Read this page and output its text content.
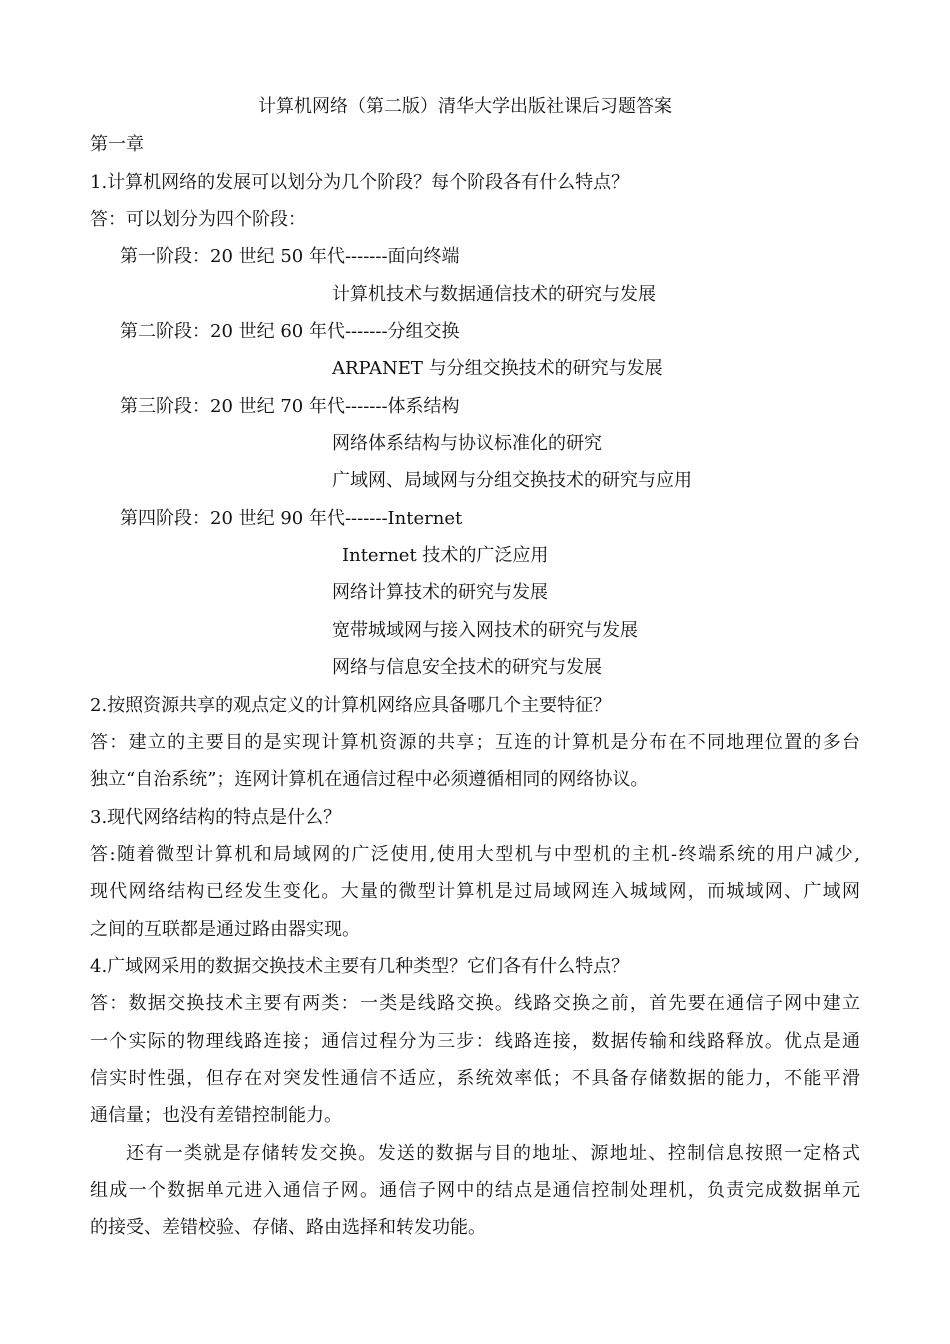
计算机网络（第二版）清华大学出版社课后习题答案
第一章
1.计算机网络的发展可以划分为几个阶段？每个阶段各有什么特点？
答：可以划分为四个阶段：
第一阶段：20 世纪 50 年代-------面向终端
计算机技术与数据通信技术的研究与发展
第二阶段：20 世纪 60 年代-------分组交换
ARPANET 与分组交换技术的研究与发展
第三阶段：20 世纪 70 年代-------体系结构
网络体系结构与协议标准化的研究
广域网、局域网与分组交换技术的研究与应用
第四阶段：20 世纪 90 年代-------Internet
Internet 技术的广泛应用
网络计算技术的研究与发展
宽带城域网与接入网技术的研究与发展
网络与信息安全技术的研究与发展
2.按照资源共享的观点定义的计算机网络应具备哪几个主要特征？
答：建立的主要目的是实现计算机资源的共享；互连的计算机是分布在不同地理位置的多台
独立“自治系统”；连网计算机在通信过程中必须遵循相同的网络协议。
3.现代网络结构的特点是什么？
答:随着微型计算机和局域网的广泛使用,使用大型机与中型机的主机-终端系统的用户减少,
现代网络结构已经发生变化。大量的微型计算机是过局域网连入城域网，而城域网、广域网
之间的互联都是通过路由器实现。
4.广域网采用的数据交换技术主要有几种类型？它们各有什么特点？
答：数据交换技术主要有两类：一类是线路交换。线路交换之前，首先要在通信子网中建立
一个实际的物理线路连接；通信过程分为三步：线路连接，数据传输和线路释放。优点是通
信实时性强，但存在对突发性通信不适应，系统效率低；不具备存储数据的能力，不能平滑
通信量；也没有差错控制能力。
还有一类就是存储转发交换。发送的数据与目的地址、源地址、控制信息按照一定格式
组成一个数据单元进入通信子网。通信子网中的结点是通信控制处理机，负责完成数据单元
的接受、差错校验、存储、路由选择和转发功能。
